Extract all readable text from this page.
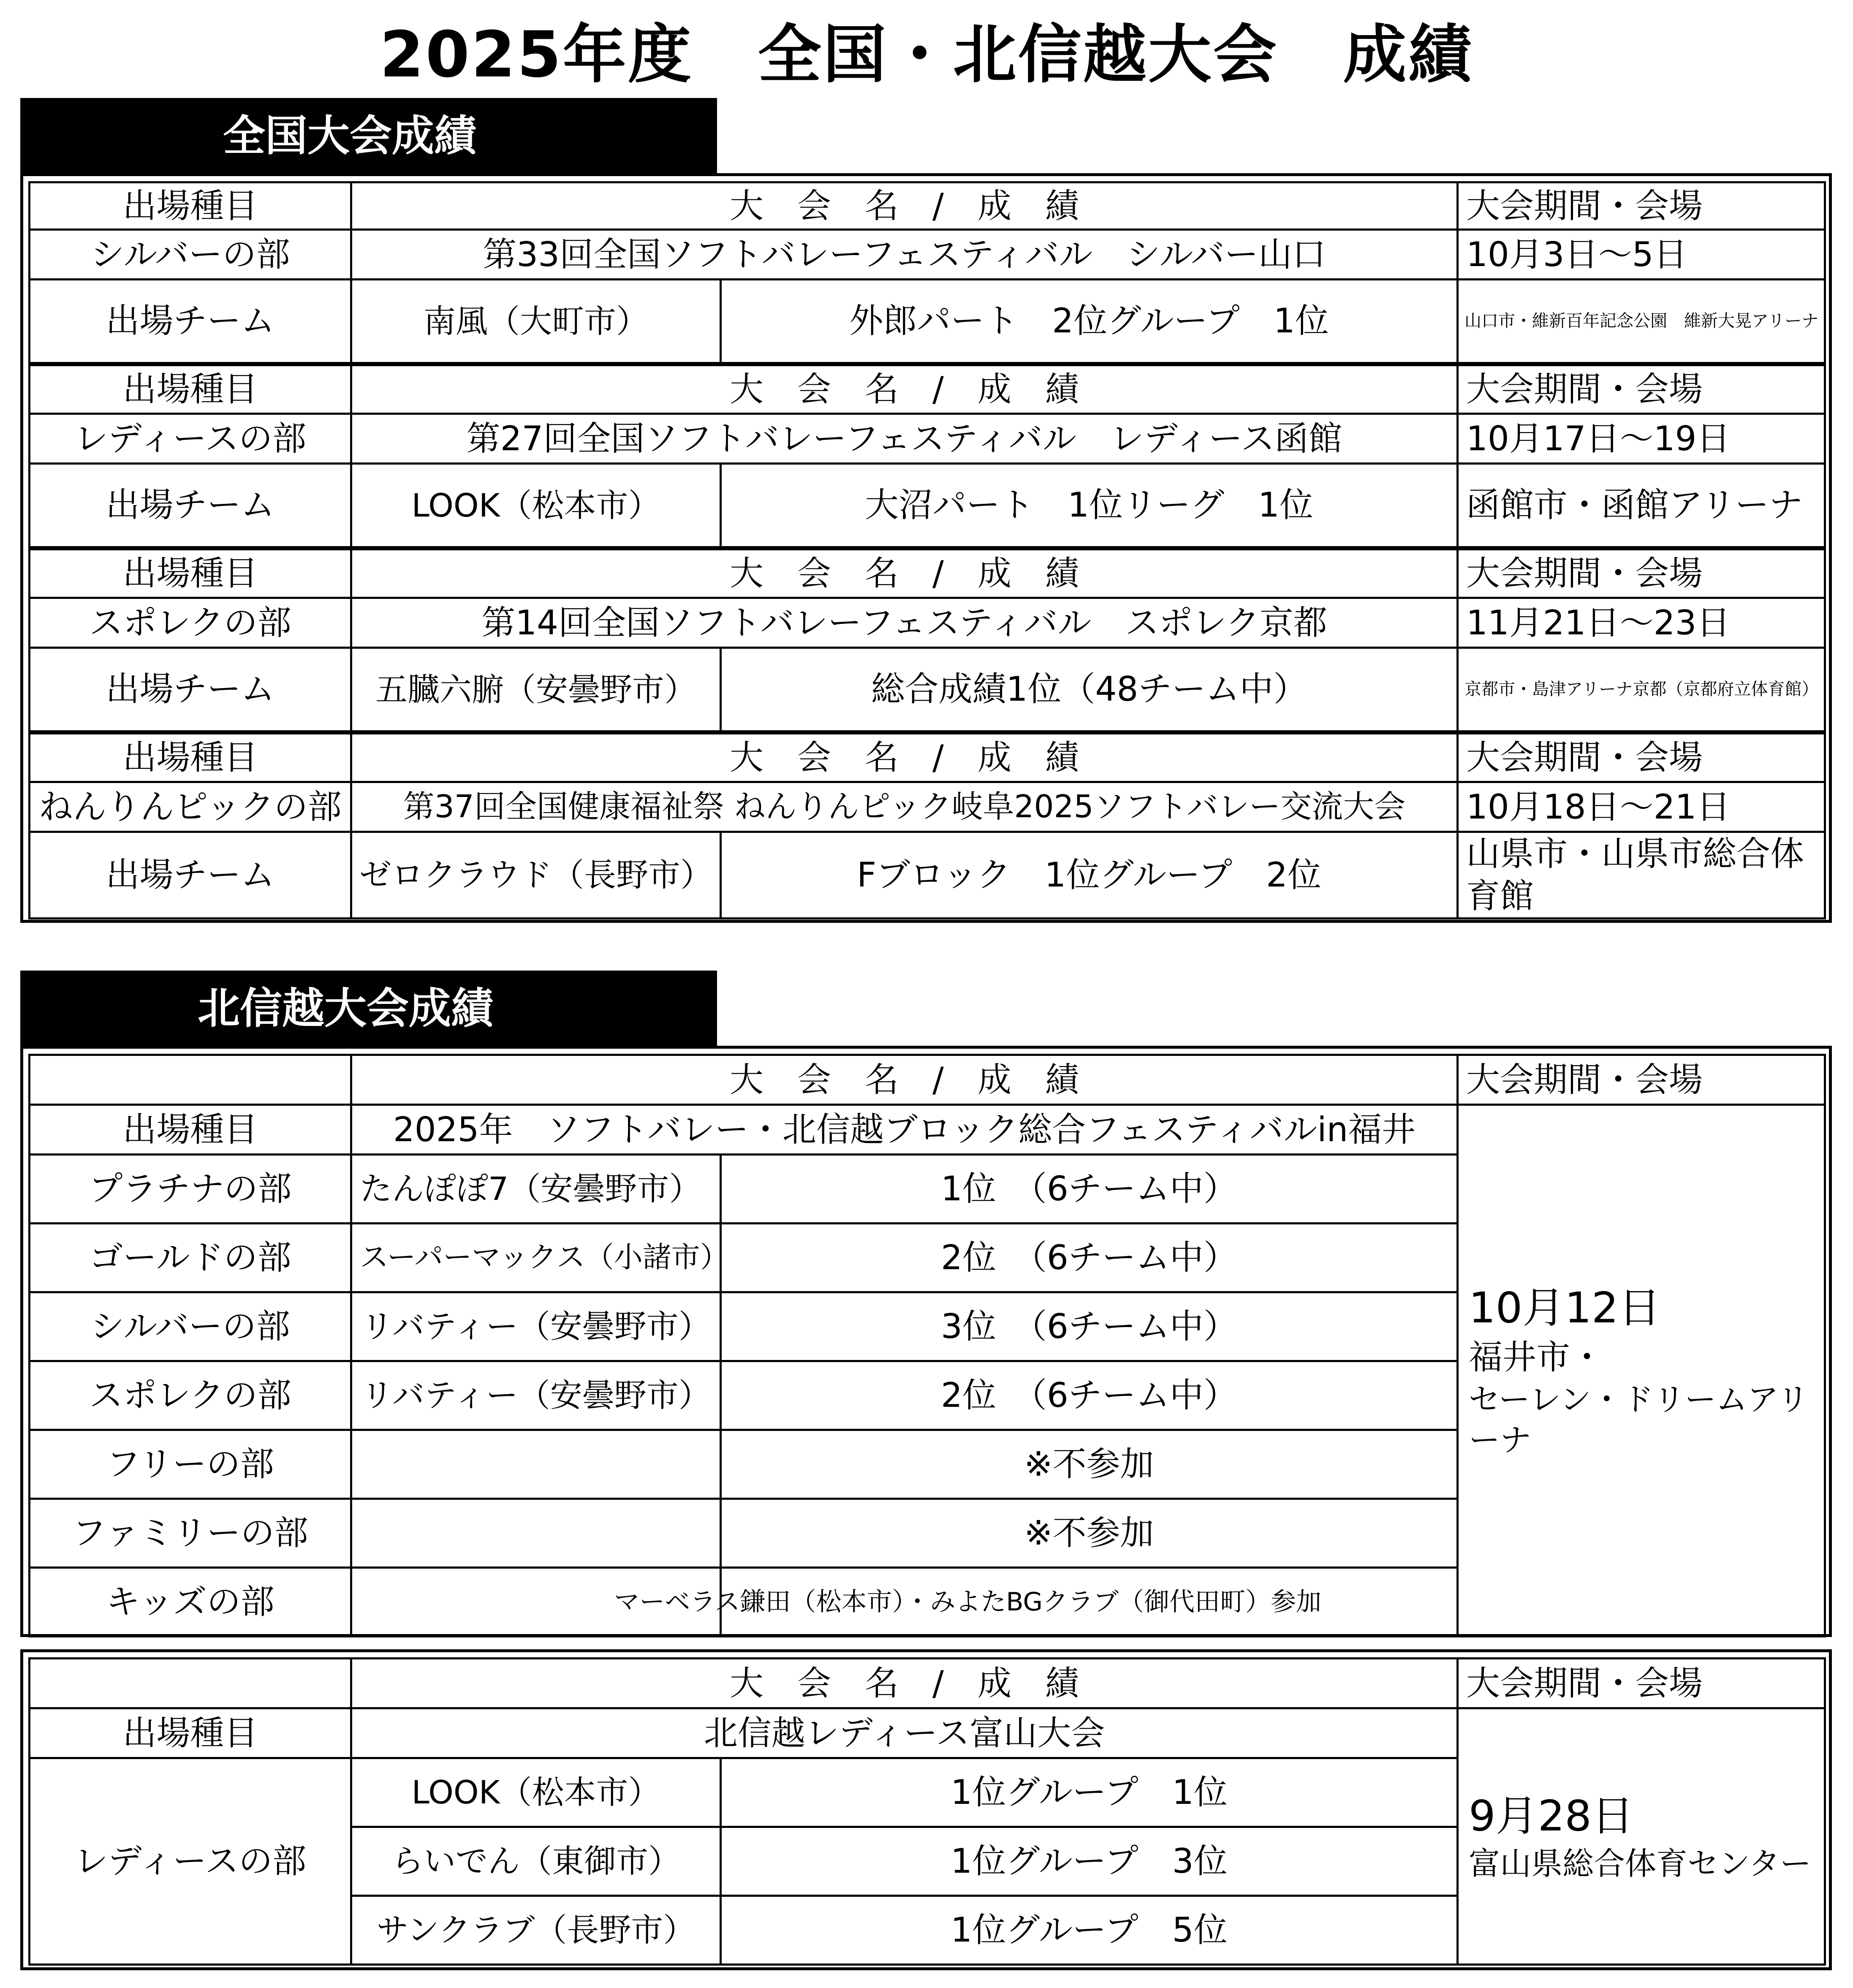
2025年度　全国・北信越大会　成績
全国大会成績
出場種目	大　会　名　/　成　績		大会期間・会場
シルバーの部	第33回全国ソフトバレーフェスティバル　シルバー山口		10月3日～5日
出場チーム	南風（大町市）	外郎パート　2位グループ　1位	山口市・維新百年記念公園　維新大晃アリーナ
出場種目	大　会　名　/　成　績		大会期間・会場
レディースの部	第27回全国ソフトバレーフェスティバル　レディース函館		10月17日～19日
出場チーム	LOOK（松本市）	大沼パート　1位リーグ　1位	函館市・函館アリーナ
出場種目	大　会　名　/　成　績		大会期間・会場
スポレクの部	第14回全国ソフトバレーフェスティバル　スポレク京都		11月21日～23日
出場チーム	五臓六腑（安曇野市）	総合成績1位（48チーム中）	京都市・島津アリーナ京都（京都府立体育館）
出場種目	大　会　名　/　成　績		大会期間・会場
ねんりんピックの部	第37回全国健康福祉祭 ねんりんピック岐阜2025ソフトバレー交流大会		10月18日～21日
出場チーム	ゼロクラウド（長野市）	Fブロック　1位グループ　2位	山県市・山県市総合体育館
北信越大会成績
	大　会　名　/　成　績		大会期間・会場
出場種目	2025年　ソフトバレー・北信越ブロック総合フェスティバルin福井		10月12日
福井市・
セーレン・ドリームアリーナ

プラチナの部	たんぽぽ7（安曇野市）	1位　（6チーム中）	
ゴールドの部	スーパーマックス（小諸市）	2位　（6チーム中）	
シルバーの部	リバティー（安曇野市）	3位　（6チーム中）	
スポレクの部	リバティー（安曇野市）	2位　（6チーム中）	
フリーの部		※不参加	
ファミリーの部		※不参加	
キッズの部		マーベラス鎌田（松本市）・みよたBGクラブ（御代田町）参加	
	大　会　名　/　成　績		大会期間・会場
出場種目	北信越レディース富山大会		9月28日
富山県総合体育センター

レディースの部	LOOK（松本市）	1位グループ　1位	
	らいでん（東御市）	1位グループ　3位	
	サンクラブ（長野市）	1位グループ　5位	
